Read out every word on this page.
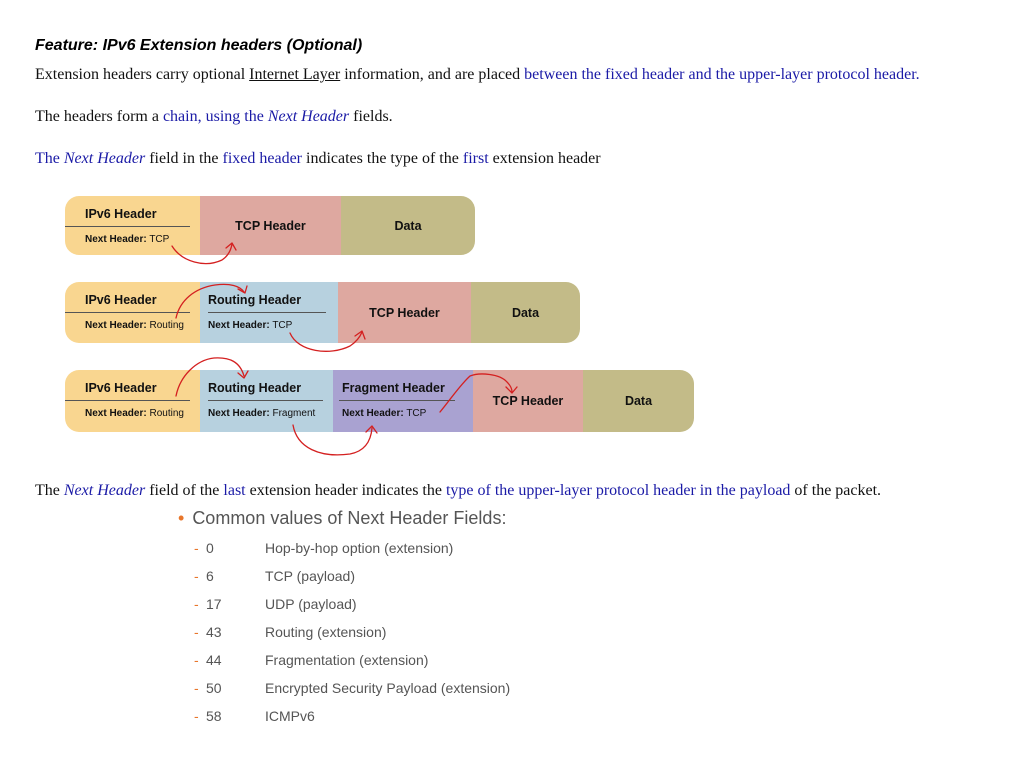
Feature: IPv6 Extension headers (Optional)
Extension headers carry optional Internet Layer information, and are placed between the fixed header and the upper-layer protocol header.
The headers form a chain, using the Next Header fields.
The Next Header field in the fixed header indicates the type of the first extension header
IPv6 Header
Next Header: TCP
TCP Header	Data
IPv6 Header
Next Header: Routing
Routing Header
Next Header: TCP
TCP Header	Data
IPv6 Header
Next Header: Routing
Routing Header
Next Header: Fragment
Fragment Header
Next Header: TCP
TCP Header	Data
The Next Header field of the last extension header indicates the type of the upper-layer protocol header in the payload of the packet.
• Common values of Next Header Fields:
- 0	Hop-by-hop option (extension)
- 6	TCP (payload)
- 17	UDP (payload)
- 43	Routing (extension)
- 44	Fragmentation (extension)
- 50	Encrypted Security Payload (extension)
- 58	ICMPv6
